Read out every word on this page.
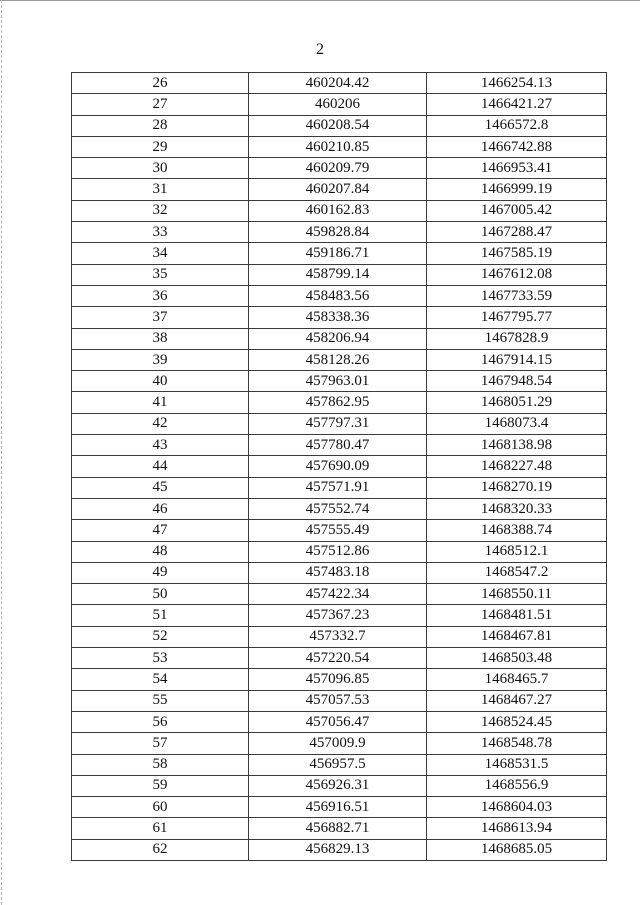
2
26	460204.42	1466254.13
27	460206	1466421.27
28	460208.54	1466572.8
29	460210.85	1466742.88
30	460209.79	1466953.41
31	460207.84	1466999.19
32	460162.83	1467005.42
33	459828.84	1467288.47
34	459186.71	1467585.19
35	458799.14	1467612.08
36	458483.56	1467733.59
37	458338.36	1467795.77
38	458206.94	1467828.9
39	458128.26	1467914.15
40	457963.01	1467948.54
41	457862.95	1468051.29
42	457797.31	1468073.4
43	457780.47	1468138.98
44	457690.09	1468227.48
45	457571.91	1468270.19
46	457552.74	1468320.33
47	457555.49	1468388.74
48	457512.86	1468512.1
49	457483.18	1468547.2
50	457422.34	1468550.11
51	457367.23	1468481.51
52	457332.7	1468467.81
53	457220.54	1468503.48
54	457096.85	1468465.7
55	457057.53	1468467.27
56	457056.47	1468524.45
57	457009.9	1468548.78
58	456957.5	1468531.5
59	456926.31	1468556.9
60	456916.51	1468604.03
61	456882.71	1468613.94
62	456829.13	1468685.05
